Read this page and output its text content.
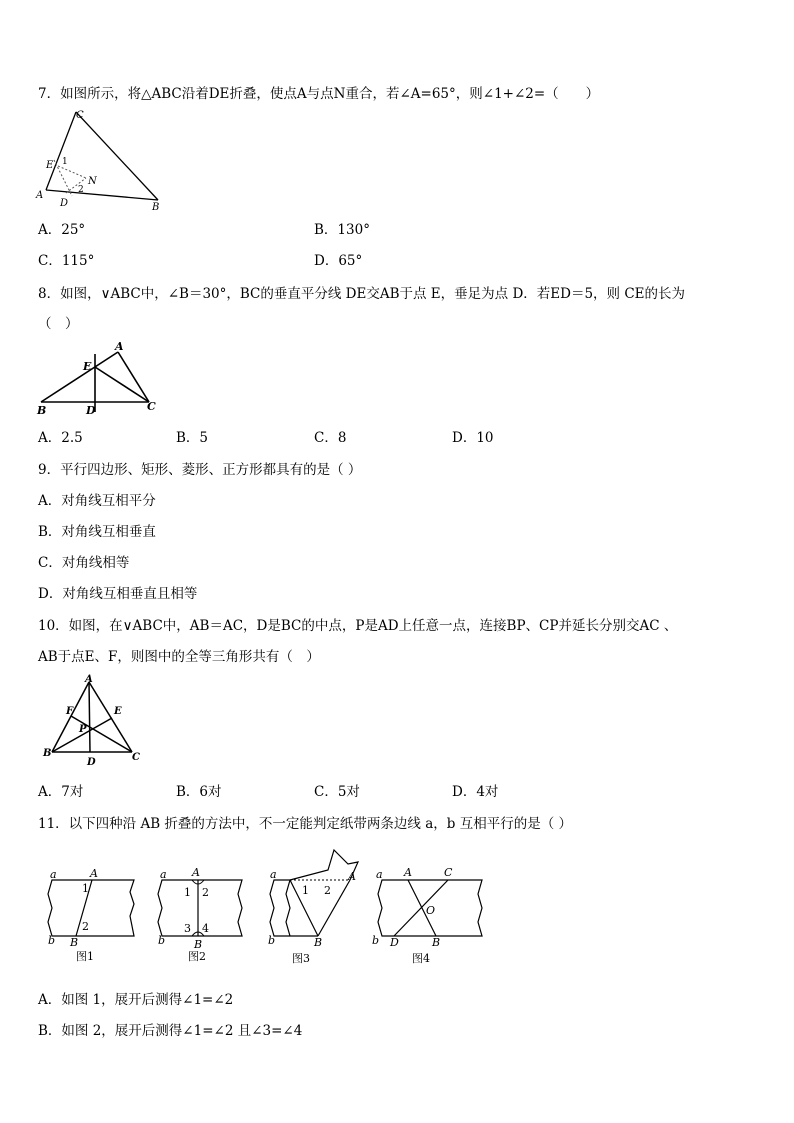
7．如图所示，将△ABC沿着DE折叠，使点A与点N重合，若∠A=65°，则∠1+∠2=（　　）
C
E 1
N
2
A
D	B
A．25°	B．130°
C．115°	D．65°
8．如图，∨ABC中，∠B＝30°，BC的垂直平分线 DE交AB于点 E，垂足为点 D．若ED＝5，则 CE的长为
（　）
A
E
B	D	C
A．2.5	B．5	C．8	D．10
9．平行四边形、矩形、菱形、正方形都具有的是（ ）
A．对角线互相平分
B．对角线互相垂直
C．对角线相等
D．对角线互相垂直且相等
10．如图，在∨ABC中，AB＝AC，D是BC的中点，P是AD上任意一点，连接BP、CP并延长分别交AC 、
AB于点E、F，则图中的全等三角形共有（　）
A
F	E
P
B
D	C
A．7对	B．6对	C．5对	D．4对
11．以下四种沿 AB 折叠的方法中，不一定能判定纸带两条边线 a，b 互相平行的是（ ）
a	A
1
2
b B
图1
a A
1 2
3 4
b	B
图2
a	A
1 2
b	B
图3
a A	C
O
b D	B
图4
A．如图 1，展开后测得∠1=∠2
B．如图 2，展开后测得∠1=∠2 且∠3=∠4
